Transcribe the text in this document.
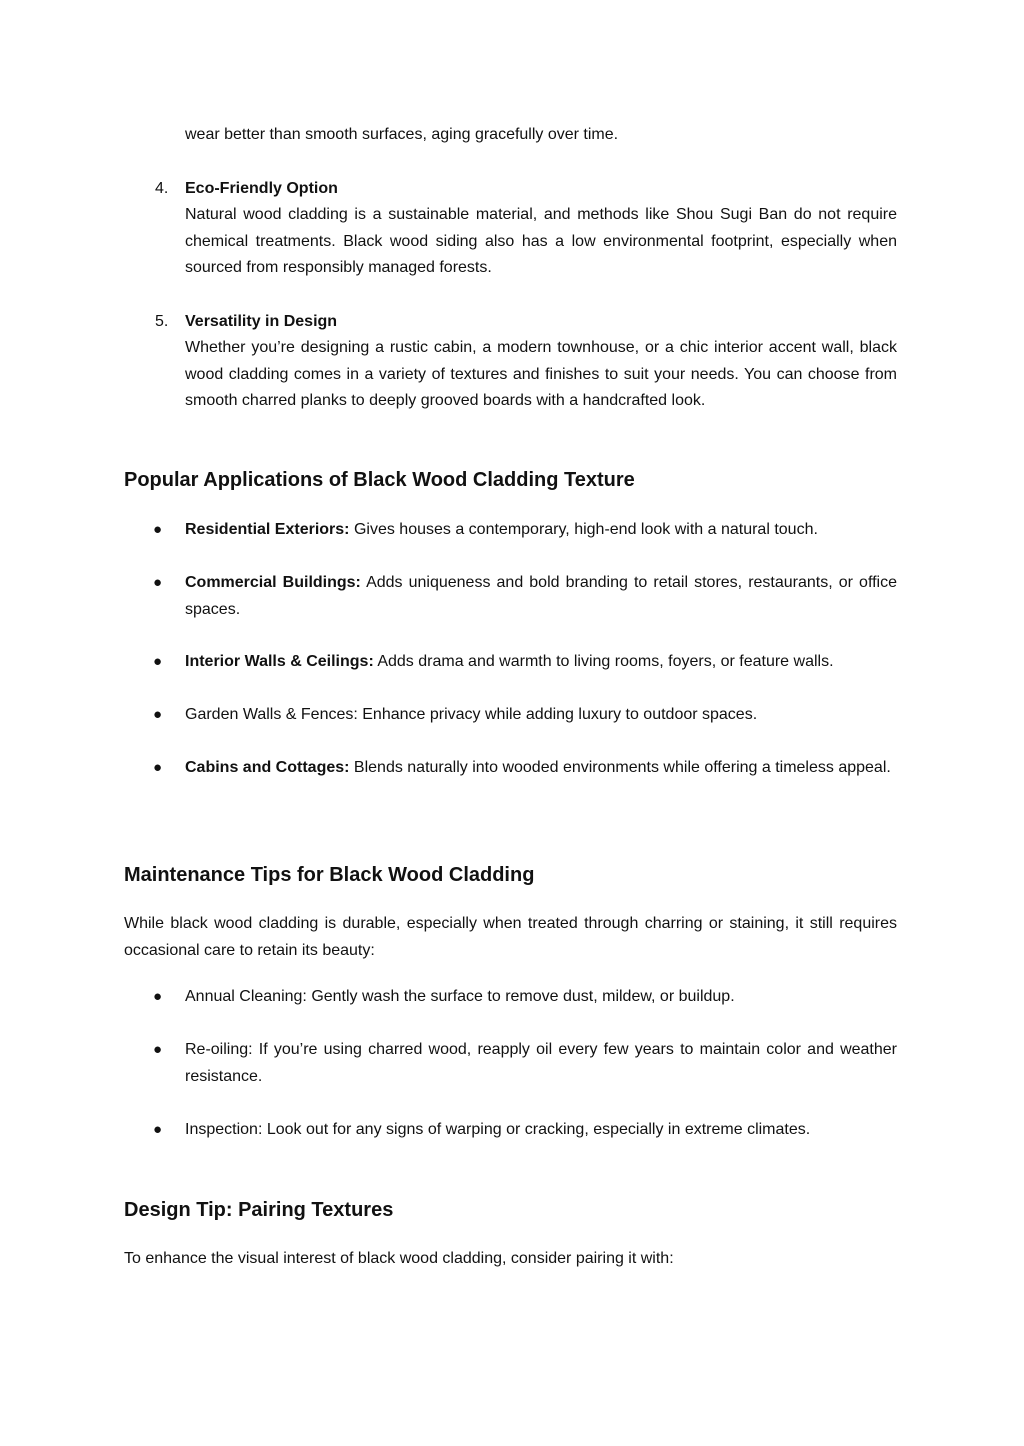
wear better than smooth surfaces, aging gracefully over time.

4. Eco-Friendly Option

Natural wood cladding is a sustainable material, and methods like Shou Sugi Ban do not require chemical treatments. Black wood siding also has a low environmental footprint, especially when sourced from responsibly managed forests.

5. Versatility in Design

Whether you’re designing a rustic cabin, a modern townhouse, or a chic interior accent wall, black wood cladding comes in a variety of textures and finishes to suit your needs. You can choose from smooth charred planks to deeply grooved boards with a handcrafted look.

Popular Applications of Black Wood Cladding Texture
● Residential Exteriors: Gives houses a contemporary, high-end look with a natural touch.

● Commercial Buildings: Adds uniqueness and bold branding to retail stores, restaurants, or office spaces.

● Interior Walls & Ceilings: Adds drama and warmth to living rooms, foyers, or feature walls.

● Garden Walls & Fences: Enhance privacy while adding luxury to outdoor spaces.

● Cabins and Cottages: Blends naturally into wooded environments while offering a timeless appeal.

Maintenance Tips for Black Wood Cladding

While black wood cladding is durable, especially when treated through charring or staining, it still requires occasional care to retain its beauty:

● Annual Cleaning: Gently wash the surface to remove dust, mildew, or buildup.

● Re-oiling: If you’re using charred wood, reapply oil every few years to maintain color and weather resistance.

● Inspection: Look out for any signs of warping or cracking, especially in extreme climates.

Design Tip: Pairing Textures

To enhance the visual interest of black wood cladding, consider pairing it with:
